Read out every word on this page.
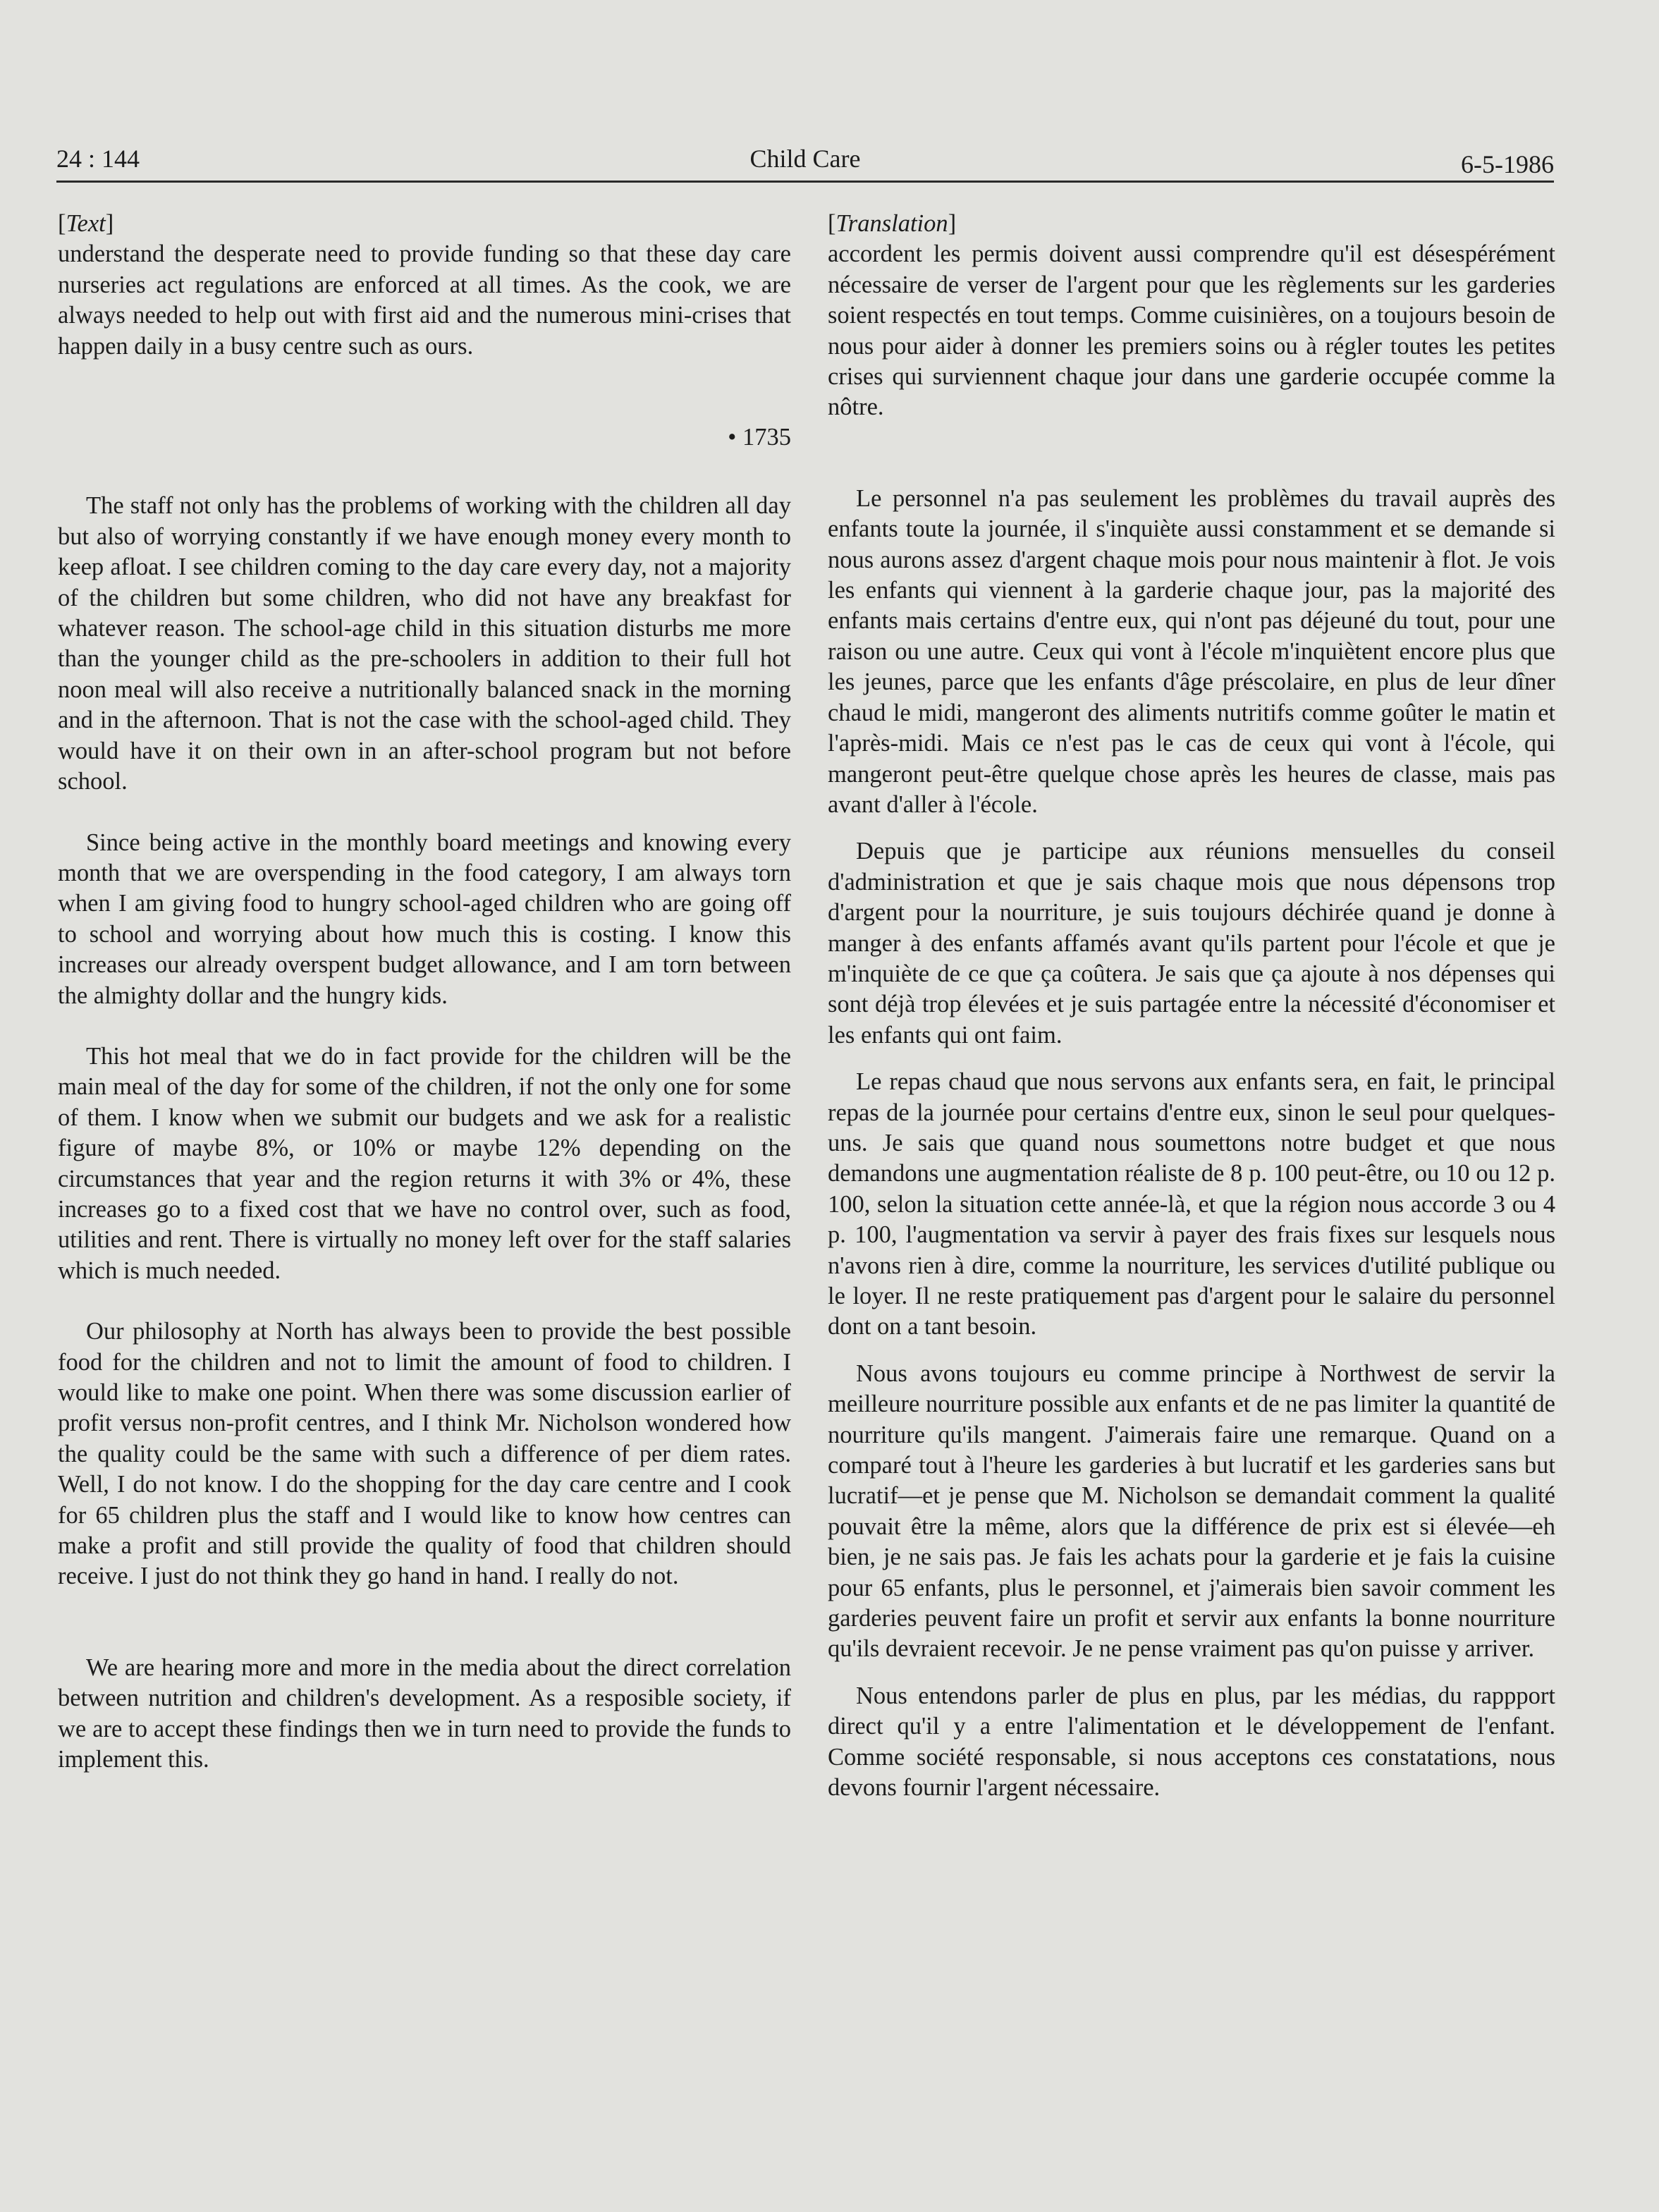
24 : 144	Child Care	6-5-1986
[Text]

understand the desperate need to provide funding so that these day care nurseries act regulations are enforced at all times. As the cook, we are always needed to help out with first aid and the numerous mini-crises that happen daily in a busy centre such as ours.

• 1735

The staff not only has the problems of working with the children all day but also of worrying constantly if we have enough money every month to keep afloat. I see children coming to the day care every day, not a majority of the children but some children, who did not have any breakfast for whatever reason. The school-age child in this situation disturbs me more than the younger child as the pre-schoolers in addition to their full hot noon meal will also receive a nutritionally balanced snack in the morning and in the afternoon. That is not the case with the school-aged child. They would have it on their own in an after-school program but not before school.

Since being active in the monthly board meetings and knowing every month that we are overspending in the food category, I am always torn when I am giving food to hungry school-aged children who are going off to school and worrying about how much this is costing. I know this increases our already overspent budget allowance, and I am torn between the almighty dollar and the hungry kids.

This hot meal that we do in fact provide for the children will be the main meal of the day for some of the children, if not the only one for some of them. I know when we submit our budgets and we ask for a realistic figure of maybe 8%, or 10% or maybe 12% depending on the circumstances that year and the region returns it with 3% or 4%, these increases go to a fixed cost that we have no control over, such as food, utilities and rent. There is virtually no money left over for the staff salaries which is much needed.

Our philosophy at North has always been to provide the best possible food for the children and not to limit the amount of food to children. I would like to make one point. When there was some discussion earlier of profit versus non-profit centres, and I think Mr. Nicholson wondered how the quality could be the same with such a difference of per diem rates. Well, I do not know. I do the shopping for the day care centre and I cook for 65 children plus the staff and I would like to know how centres can make a profit and still provide the quality of food that children should receive. I just do not think they go hand in hand. I really do not.

We are hearing more and more in the media about the direct correlation between nutrition and children's development. As a resposible society, if we are to accept these findings then we in turn need to provide the funds to implement this.

[Translation]

accordent les permis doivent aussi comprendre qu'il est désespérément nécessaire de verser de l'argent pour que les règlements sur les garderies soient respectés en tout temps. Comme cuisinières, on a toujours besoin de nous pour aider à donner les premiers soins ou à régler toutes les petites crises qui surviennent chaque jour dans une garderie occupée comme la nôtre.

Le personnel n'a pas seulement les problèmes du travail auprès des enfants toute la journée, il s'inquiète aussi constamment et se demande si nous aurons assez d'argent chaque mois pour nous maintenir à flot. Je vois les enfants qui viennent à la garderie chaque jour, pas la majorité des enfants mais certains d'entre eux, qui n'ont pas déjeuné du tout, pour une raison ou une autre. Ceux qui vont à l'école m'inquiètent encore plus que les jeunes, parce que les enfants d'âge préscolaire, en plus de leur dîner chaud le midi, mangeront des aliments nutritifs comme goûter le matin et l'après-midi. Mais ce n'est pas le cas de ceux qui vont à l'école, qui mangeront peut-être quelque chose après les heures de classe, mais pas avant d'aller à l'école.

Depuis que je participe aux réunions mensuelles du conseil d'administration et que je sais chaque mois que nous dépensons trop d'argent pour la nourriture, je suis toujours déchirée quand je donne à manger à des enfants affamés avant qu'ils partent pour l'école et que je m'inquiète de ce que ça coûtera. Je sais que ça ajoute à nos dépenses qui sont déjà trop élevées et je suis partagée entre la nécessité d'économiser et les enfants qui ont faim.

Le repas chaud que nous servons aux enfants sera, en fait, le principal repas de la journée pour certains d'entre eux, sinon le seul pour quelques-uns. Je sais que quand nous soumettons notre budget et que nous demandons une augmentation réaliste de 8 p. 100 peut-être, ou 10 ou 12 p. 100, selon la situation cette année-là, et que la région nous accorde 3 ou 4 p. 100, l'augmentation va servir à payer des frais fixes sur lesquels nous n'avons rien à dire, comme la nourriture, les services d'utilité publique ou le loyer. Il ne reste pratiquement pas d'argent pour le salaire du personnel dont on a tant besoin.

Nous avons toujours eu comme principe à Northwest de servir la meilleure nourriture possible aux enfants et de ne pas limiter la quantité de nourriture qu'ils mangent. J'aimerais faire une remarque. Quand on a comparé tout à l'heure les garderies à but lucratif et les garderies sans but lucratif—et je pense que M. Nicholson se demandait comment la qualité pouvait être la même, alors que la différence de prix est si élevée—eh bien, je ne sais pas. Je fais les achats pour la garderie et je fais la cuisine pour 65 enfants, plus le personnel, et j'aimerais bien savoir comment les garderies peuvent faire un profit et servir aux enfants la bonne nourriture qu'ils devraient recevoir. Je ne pense vraiment pas qu'on puisse y arriver.

Nous entendons parler de plus en plus, par les médias, du rappport direct qu'il y a entre l'alimentation et le développement de l'enfant. Comme société responsable, si nous acceptons ces constatations, nous devons fournir l'argent nécessaire.
